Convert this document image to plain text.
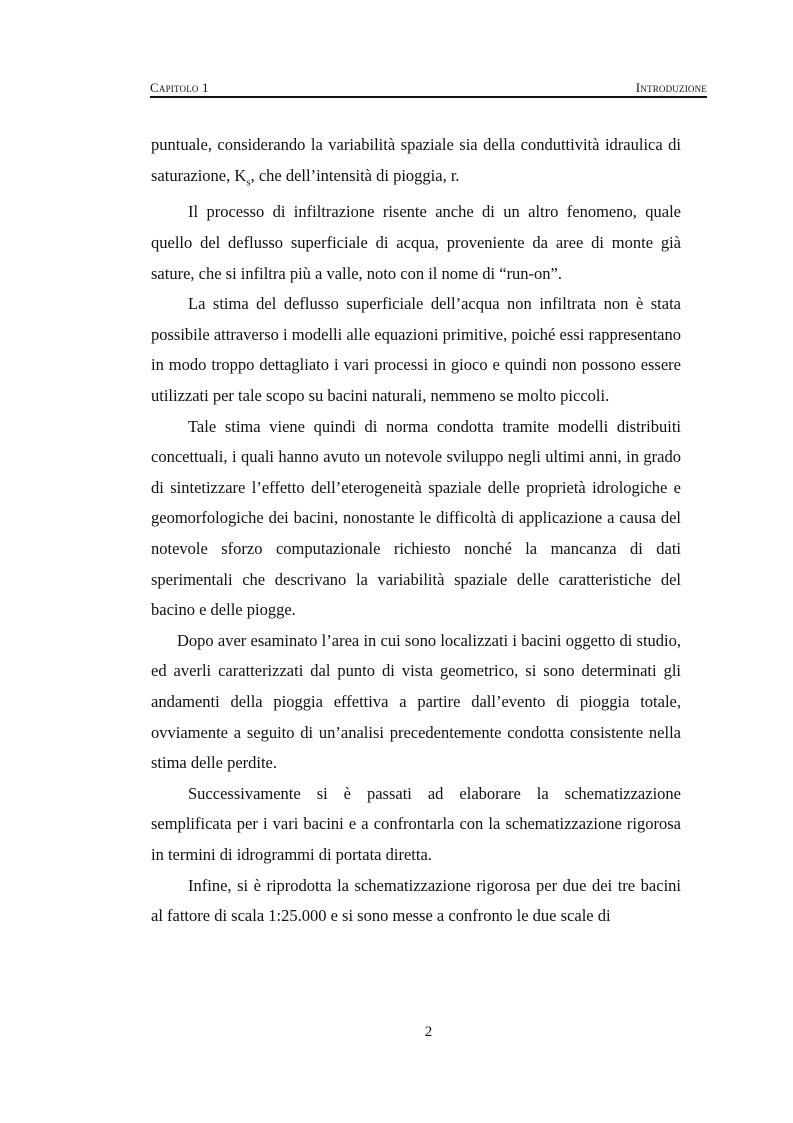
Capitolo 1	Introduzione

puntuale, considerando la variabilità spaziale sia della conduttività idraulica di saturazione, $K_s$, che dell’intensità di pioggia, r.

Il processo di infiltrazione risente anche di un altro fenomeno, quale quello del deflusso superficiale di acqua, proveniente da aree di monte già sature, che si infiltra più a valle, noto con il nome di “run-on”.

La stima del deflusso superficiale dell’acqua non infiltrata non è stata possibile attraverso i modelli alle equazioni primitive, poiché essi rappresentano in modo troppo dettagliato i vari processi in gioco e quindi non possono essere utilizzati per tale scopo su bacini naturali, nemmeno se molto piccoli.

Tale stima viene quindi di norma condotta tramite modelli distribuiti concettuali, i quali hanno avuto un notevole sviluppo negli ultimi anni, in grado di sintetizzare l’effetto dell’eterogeneità spaziale delle proprietà idrologiche e geomorfologiche dei bacini, nonostante le difficoltà di applicazione a causa del notevole sforzo computazionale richiesto nonché la mancanza di dati sperimentali che descrivano la variabilità spaziale delle caratteristiche del bacino e delle piogge.

Dopo aver esaminato l’area in cui sono localizzati i bacini oggetto di studio, ed averli caratterizzati dal punto di vista geometrico, si sono determinati gli andamenti della pioggia effettiva a partire dall’evento di pioggia totale, ovviamente a seguito di un’analisi precedentemente condotta consistente nella stima delle perdite.

Successivamente si è passati ad elaborare la schematizzazione semplificata per i vari bacini e a confrontarla con la schematizzazione rigorosa in termini di idrogrammi di portata diretta.

Infine, si è riprodotta la schematizzazione rigorosa per due dei tre bacini al fattore di scala 1:25.000 e si sono messe a confronto le due scale di

2
